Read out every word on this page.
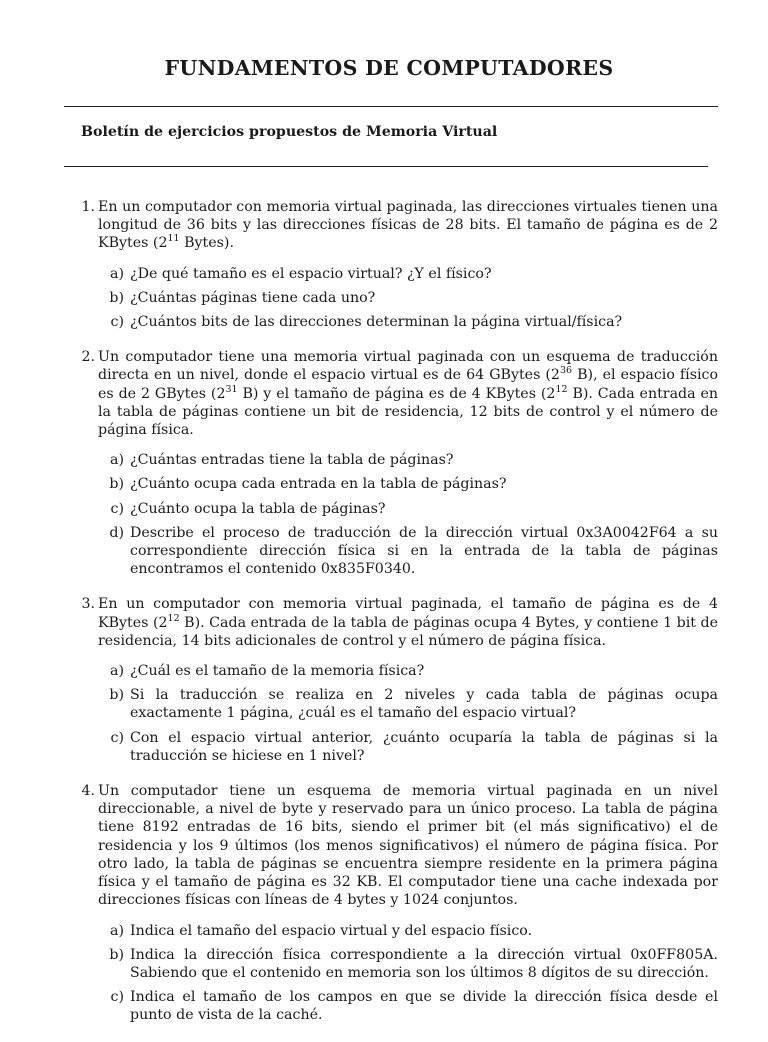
FUNDAMENTOS DE COMPUTADORES
Boletín de ejercicios propuestos de Memoria Virtual
1. En un computador con memoria virtual paginada, las direcciones virtuales tienen una longitud de 36 bits y las direcciones físicas de 28 bits. El tamaño de página es de 2 KBytes ($2^{11}$ Bytes).
a) ¿De qué tamaño es el espacio virtual? ¿Y el físico?
b) ¿Cuántas páginas tiene cada uno?
c) ¿Cuántos bits de las direcciones determinan la página virtual/física?
2. Un computador tiene una memoria virtual paginada con un esquema de traducción directa en un nivel, donde el espacio virtual es de 64 GBytes ($2^{36}$ B), el espacio físico es de 2 GBytes ($2^{31}$ B) y el tamaño de página es de 4 KBytes ($2^{12}$ B). Cada entrada en la tabla de páginas contiene un bit de residencia, 12 bits de control y el número de página física.
a) ¿Cuántas entradas tiene la tabla de páginas?
b) ¿Cuánto ocupa cada entrada en la tabla de páginas?
c) ¿Cuánto ocupa la tabla de páginas?
d) Describe el proceso de traducción de la dirección virtual 0x3A0042F64 a su correspondiente dirección física si en la entrada de la tabla de páginas encontramos el contenido 0x835F0340.
3. En un computador con memoria virtual paginada, el tamaño de página es de 4 KBytes ($2^{12}$ B). Cada entrada de la tabla de páginas ocupa 4 Bytes, y contiene 1 bit de residencia, 14 bits adicionales de control y el número de página física.
a) ¿Cuál es el tamaño de la memoria física?
b) Si la traducción se realiza en 2 niveles y cada tabla de páginas ocupa exactamente 1 página, ¿cuál es el tamaño del espacio virtual?
c) Con el espacio virtual anterior, ¿cuánto ocuparía la tabla de páginas si la traducción se hiciese en 1 nivel?
4. Un computador tiene un esquema de memoria virtual paginada en un nivel direccionable, a nivel de byte y reservado para un único proceso. La tabla de página tiene 8192 entradas de 16 bits, siendo el primer bit (el más significativo) el de residencia y los 9 últimos (los menos significativos) el número de página física. Por otro lado, la tabla de páginas se encuentra siempre residente en la primera página física y el tamaño de página es 32 KB. El computador tiene una cache indexada por direcciones físicas con líneas de 4 bytes y 1024 conjuntos.
a) Indica el tamaño del espacio virtual y del espacio físico.
b) Indica la dirección física correspondiente a la dirección virtual 0x0FF805A. Sabiendo que el contenido en memoria son los últimos 8 dígitos de su dirección.
c) Indica el tamaño de los campos en que se divide la dirección física desde el punto de vista de la caché.
